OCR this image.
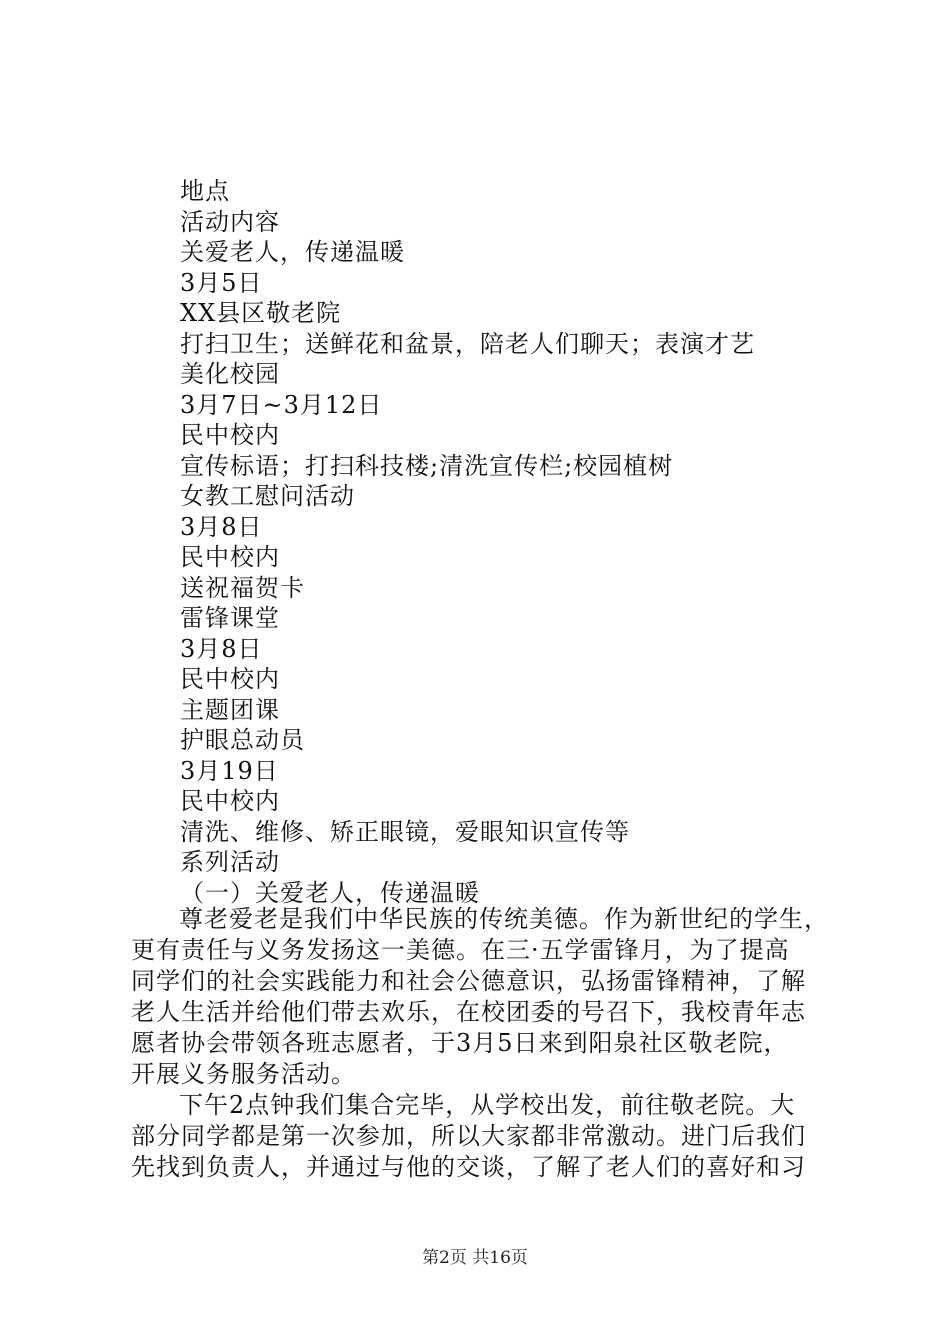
地点
活动内容
关爱老人，传递温暖
3月5日
XX县区敬老院
打扫卫生；送鲜花和盆景，陪老人们聊天；表演才艺
美化校园
3月7日~3月12日
民中校内
宣传标语；打扫科技楼;清洗宣传栏;校园植树
女教工慰问活动
3月8日
民中校内
送祝福贺卡
雷锋课堂
3月8日
民中校内
主题团课
护眼总动员
3月19日
民中校内
清洗、维修、矫正眼镜，爱眼知识宣传等
系列活动
（一）关爱老人，传递温暖
尊老爱老是我们中华民族的传统美德。作为新世纪的学生，
更有责任与义务发扬这一美德。在三·五学雷锋月，为了提高
同学们的社会实践能力和社会公德意识，弘扬雷锋精神，了解
老人生活并给他们带去欢乐，在校团委的号召下，我校青年志
愿者协会带领各班志愿者，于3月5日来到阳泉社区敬老院，
开展义务服务活动。
下午2点钟我们集合完毕，从学校出发，前往敬老院。大
部分同学都是第一次参加，所以大家都非常激动。进门后我们
先找到负责人，并通过与他的交谈，了解了老人们的喜好和习
第2页 共16页
